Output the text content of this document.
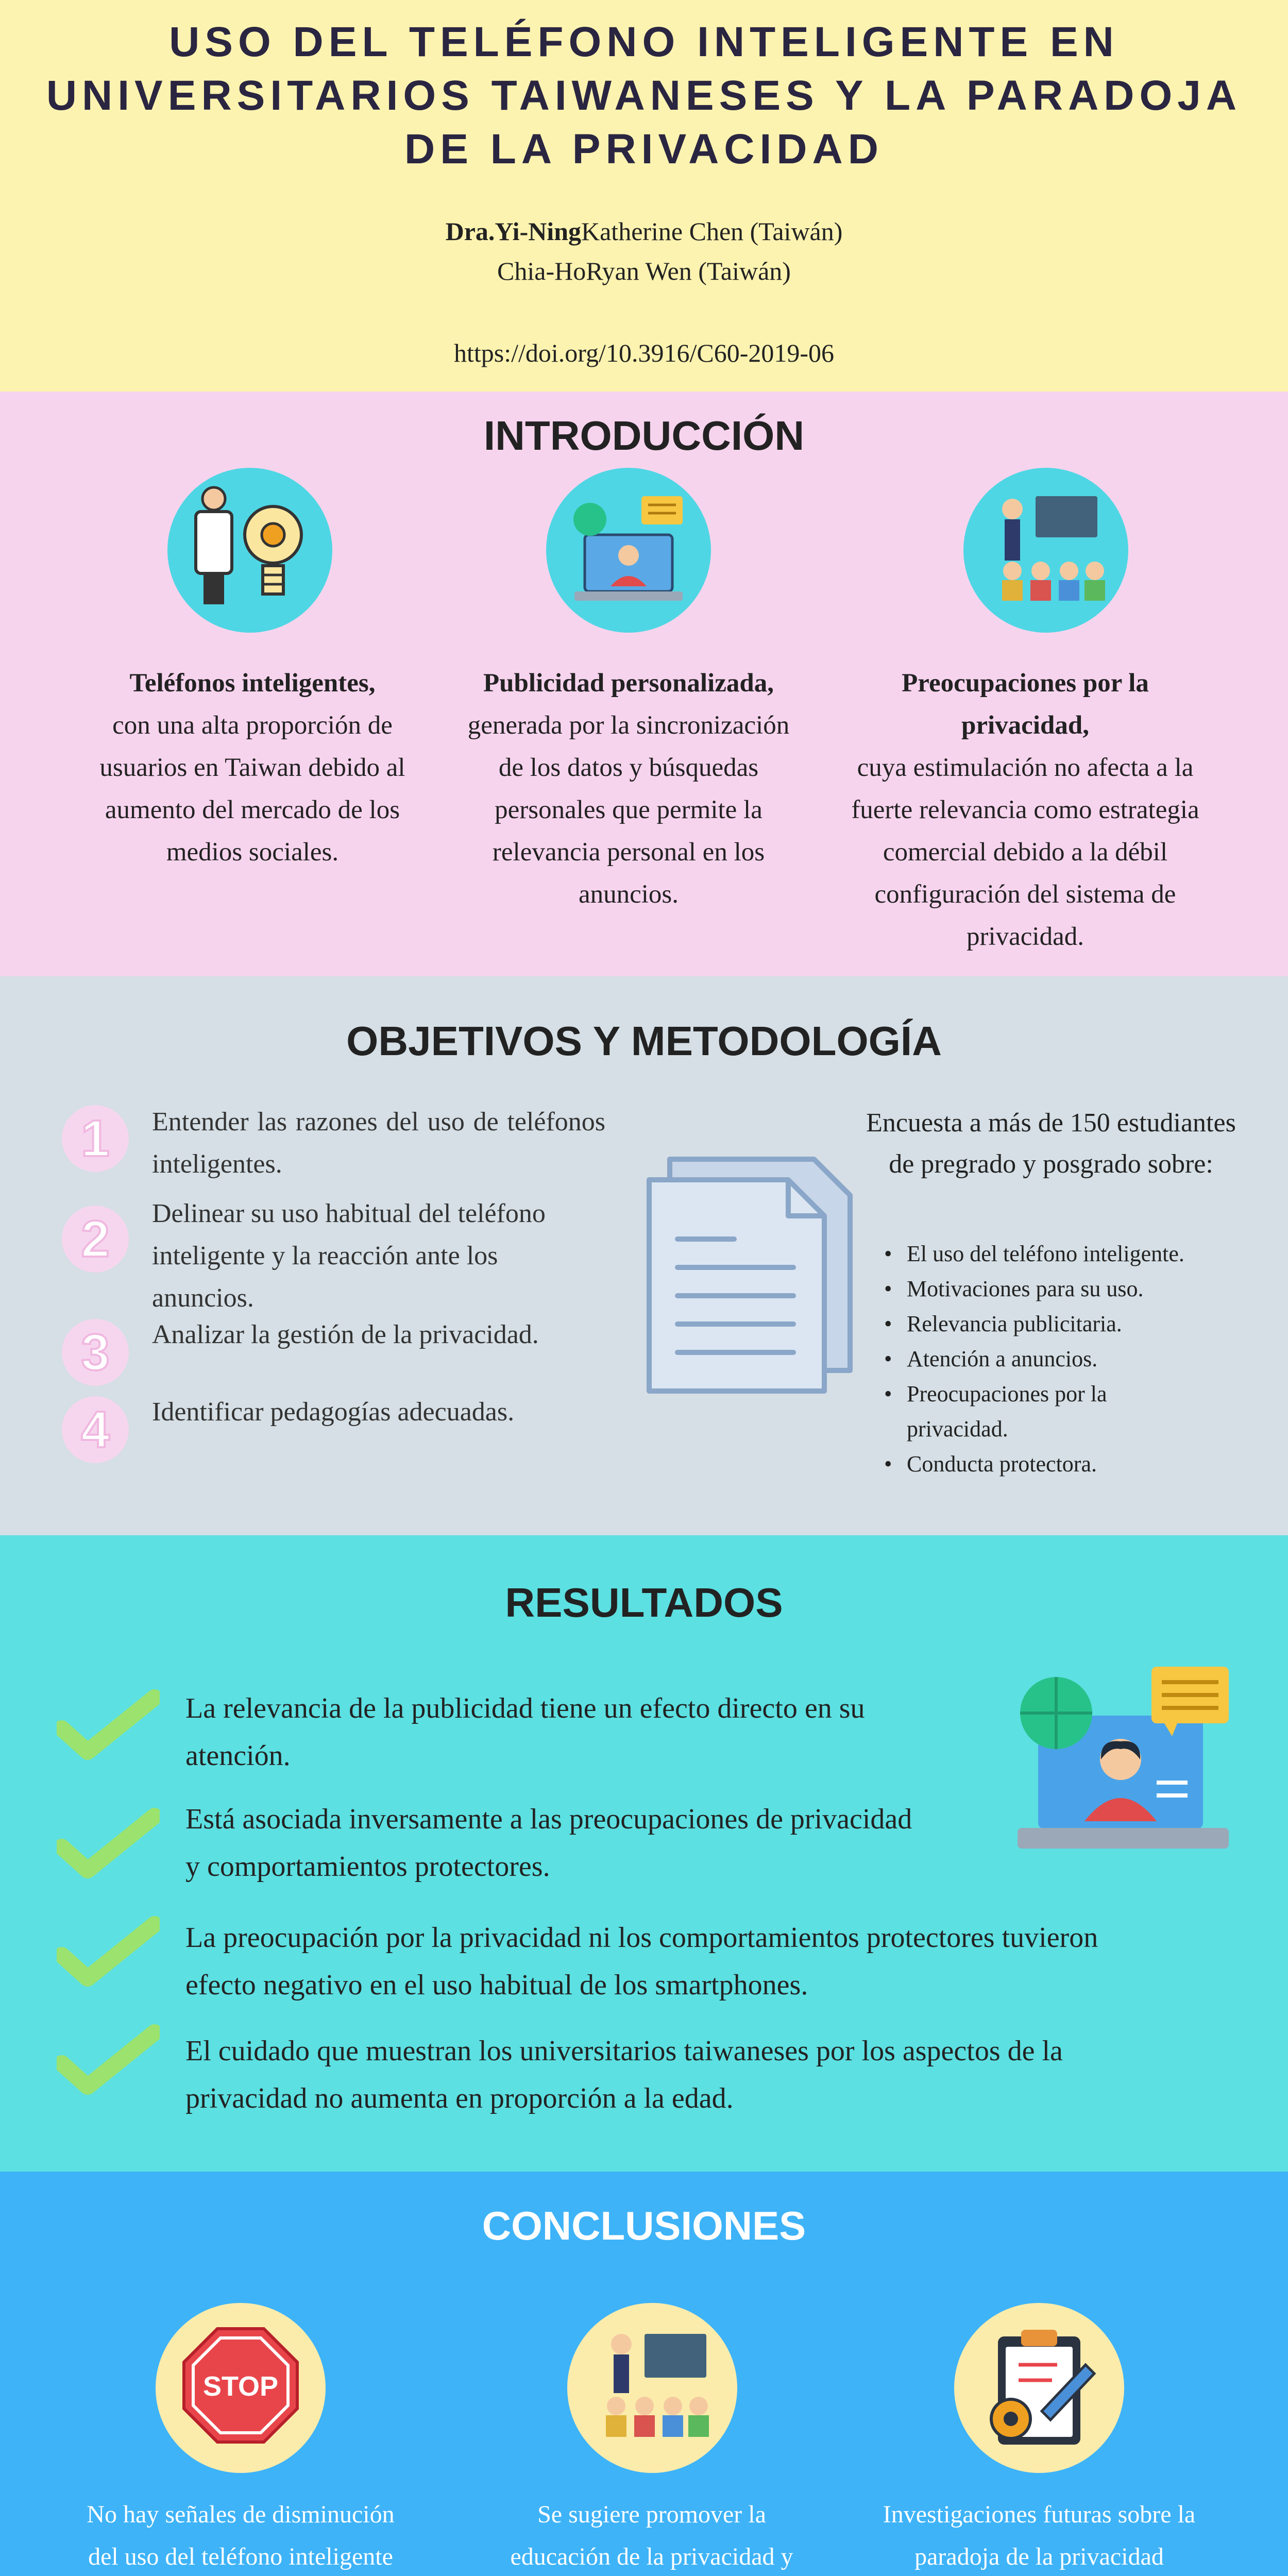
USO DEL TELÉFONO INTELIGENTE EN UNIVERSITARIOS TAIWANESES Y LA PARADOJA DE LA PRIVACIDAD
Dra.Yi-NingKatherine Chen (Taiwán)
Chia-HoRyan Wen (Taiwán)
https://doi.org/10.3916/C60-2019-06
INTRODUCCIÓN
Teléfonos inteligentes,
con una alta proporción de usuarios en Taiwan debido al aumento del mercado de los medios sociales.
Publicidad personalizada,
generada por la sincronización de los datos y búsquedas personales que permite la relevancia personal en los anuncios.
Preocupaciones por la privacidad,
cuya estimulación no afecta a la fuerte relevancia como estrategia comercial debido a la débil configuración del sistema de privacidad.
OBJETIVOS Y METODOLOGÍA
1	Entender las razones del uso de teléfonos inteligentes.
2	Delinear su uso habitual del teléfono inteligente y la reacción ante los anuncios.
3	Analizar la gestión de la privacidad.
4	Identificar pedagogías adecuadas.
Encuesta a más de 150 estudiantes de pregrado y posgrado sobre:
• El uso del teléfono inteligente.
• Motivaciones para su uso.
• Relevancia publicitaria.
• Atención a anuncios.
• Preocupaciones por la privacidad.
• Conducta protectora.
RESULTADOS
La relevancia de la publicidad tiene un efecto directo en su atención.
Está asociada inversamente a las preocupaciones de privacidad y comportamientos protectores.
La preocupación por la privacidad ni los comportamientos protectores tuvieron efecto negativo en el uso habitual de los smartphones.
El cuidado que muestran los universitarios taiwaneses por los aspectos de la privacidad no aumenta en proporción a la edad.
CONCLUSIONES
STOP
No hay señales de disminución del uso del teléfono inteligente
Se sugiere promover la educación de la privacidad y
Investigaciones futuras sobre la paradoja de la privacidad
